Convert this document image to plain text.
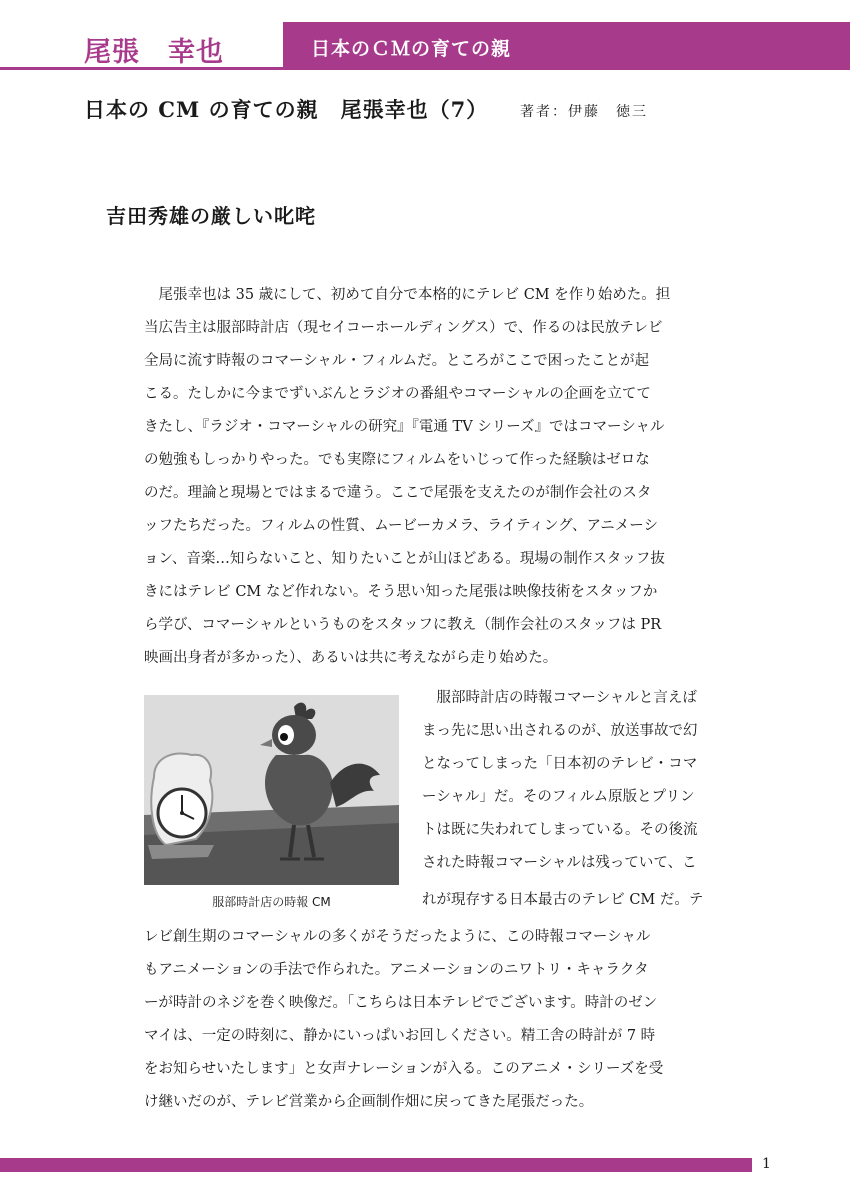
尾張　幸也	日本のＣＭの育ての親
日本の CM の育ての親　尾張幸也（7） 著者：伊藤　徳三
吉田秀雄の厳しい叱咤
　尾張幸也は 35 歳にして、初めて自分で本格的にテレビ CM を作り始めた。担
当広告主は服部時計店（現セイコーホールディングス）で、作るのは民放テレビ
全局に流す時報のコマーシャル・フィルムだ。ところがここで困ったことが起
こる。たしかに今までずいぶんとラジオの番組やコマーシャルの企画を立てて
きたし、『ラジオ・コマーシャルの研究』『電通 TV シリーズ』ではコマーシャル
の勉強もしっかりやった。でも実際にフィルムをいじって作った経験はゼロな
のだ。理論と現場とではまるで違う。ここで尾張を支えたのが制作会社のスタ
ッフたちだった。フィルムの性質、ムービーカメラ、ライティング、アニメーシ
ョン、音楽…知らないこと、知りたいことが山ほどある。現場の制作スタッフ抜
きにはテレビ CM など作れない。そう思い知った尾張は映像技術をスタッフか
ら学び、コマーシャルというものをスタッフに教え（制作会社のスタッフは PR
映画出身者が多かった）、あるいは共に考えながら走り始めた。
服部時計店の時報 CM
　服部時計店の時報コマーシャルと言えば
まっ先に思い出されるのが、放送事故で幻
となってしまった「日本初のテレビ・コマ
ーシャル」だ。そのフィルム原版とプリン
トは既に失われてしまっている。その後流
された時報コマーシャルは残っていて、こ
れが現存する日本最古のテレビ CM だ。テ
レビ創生期のコマーシャルの多くがそうだったように、この時報コマーシャル
もアニメーションの手法で作られた。アニメーションのニワトリ・キャラクタ
ーが時計のネジを巻く映像だ。「こちらは日本テレビでございます。時計のゼン
マイは、一定の時刻に、静かにいっぱいお回しください。精工舎の時計が 7 時
をお知らせいたします」と女声ナレーションが入る。このアニメ・シリーズを受
け継いだのが、テレビ営業から企画制作畑に戻ってきた尾張だった。
1
